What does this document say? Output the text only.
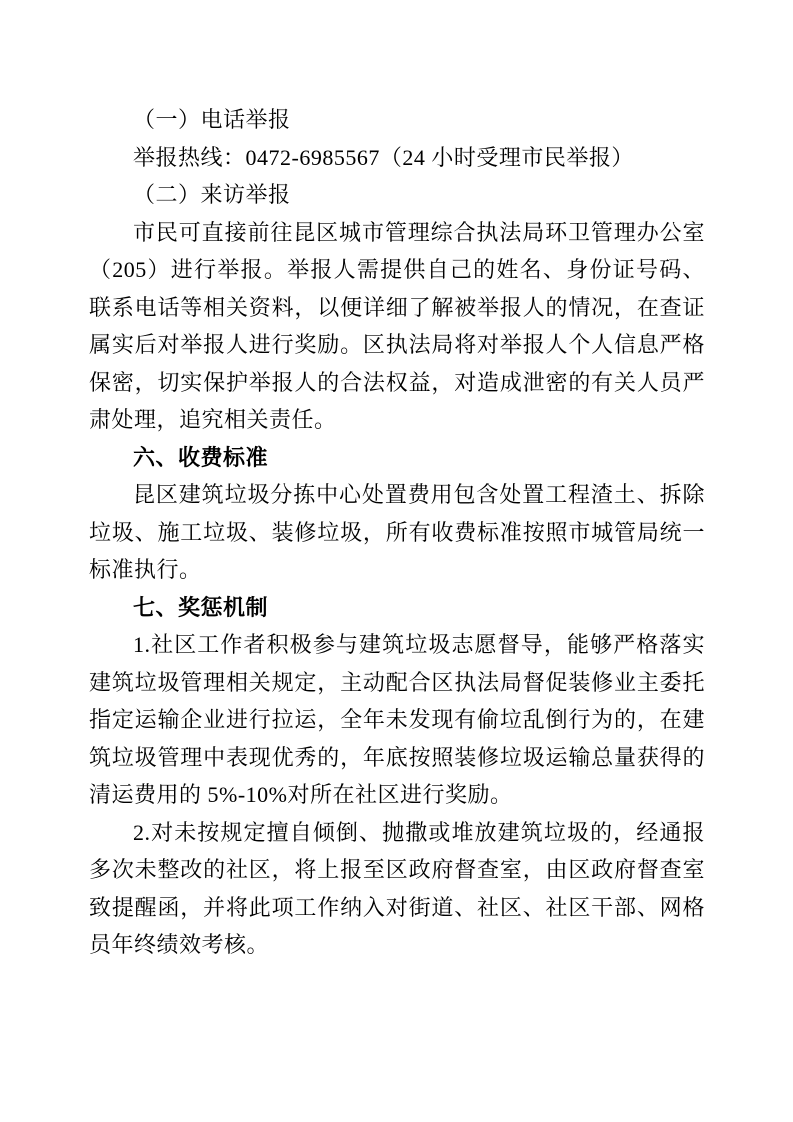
（一）电话举报

举报热线：0472-6985567（24 小时受理市民举报）

（二）来访举报

市民可直接前往昆区城市管理综合执法局环卫管理办公室（205）进行举报。举报人需提供自己的姓名、身份证号码、联系电话等相关资料，以便详细了解被举报人的情况，在查证属实后对举报人进行奖励。区执法局将对举报人个人信息严格保密，切实保护举报人的合法权益，对造成泄密的有关人员严肃处理，追究相关责任。

六、收费标准

昆区建筑垃圾分拣中心处置费用包含处置工程渣土、拆除垃圾、施工垃圾、装修垃圾，所有收费标准按照市城管局统一标准执行。

七、奖惩机制

1.社区工作者积极参与建筑垃圾志愿督导，能够严格落实建筑垃圾管理相关规定，主动配合区执法局督促装修业主委托指定运输企业进行拉运，全年未发现有偷垃乱倒行为的，在建筑垃圾管理中表现优秀的，年底按照装修垃圾运输总量获得的清运费用的 5%-10%对所在社区进行奖励。

2.对未按规定擅自倾倒、抛撒或堆放建筑垃圾的，经通报多次未整改的社区，将上报至区政府督查室，由区政府督查室致提醒函，并将此项工作纳入对街道、社区、社区干部、网格员年终绩效考核。
